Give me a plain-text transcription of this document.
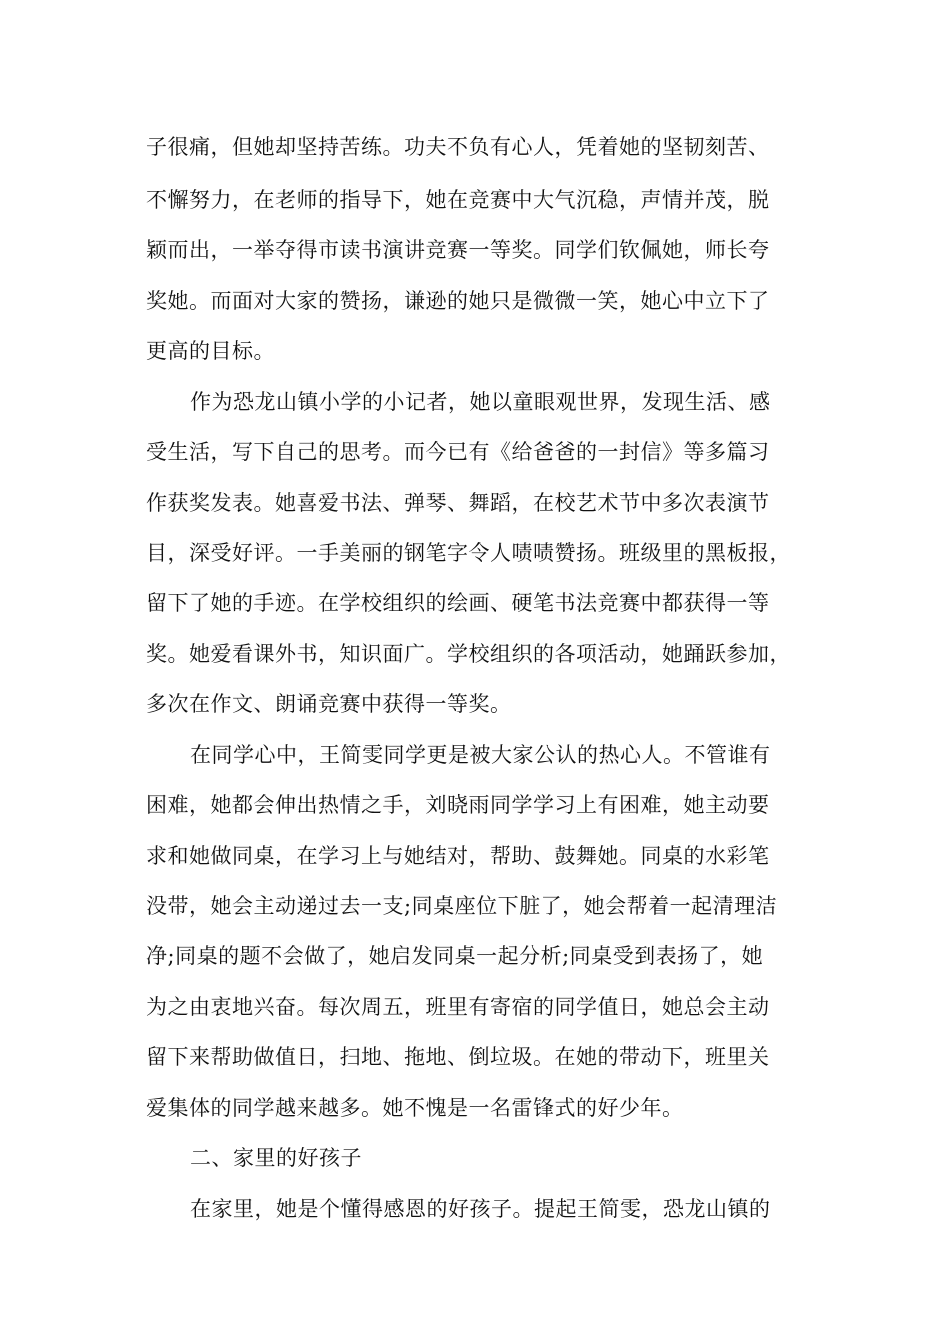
子很痛，但她却坚持苦练。功夫不负有心人，凭着她的坚韧刻苦、
不懈努力，在老师的指导下，她在竞赛中大气沉稳，声情并茂，脱
颖而出，一举夺得市读书演讲竞赛一等奖。同学们钦佩她，师长夸
奖她。而面对大家的赞扬，谦逊的她只是微微一笑，她心中立下了
更高的目标。
作为恐龙山镇小学的小记者，她以童眼观世界，发现生活、感
受生活，写下自己的思考。而今已有《给爸爸的一封信》等多篇习
作获奖发表。她喜爱书法、弹琴、舞蹈，在校艺术节中多次表演节
目，深受好评。一手美丽的钢笔字令人啧啧赞扬。班级里的黑板报，
留下了她的手迹。在学校组织的绘画、硬笔书法竞赛中都获得一等
奖。她爱看课外书，知识面广。学校组织的各项活动，她踊跃参加，
多次在作文、朗诵竞赛中获得一等奖。
在同学心中，王简雯同学更是被大家公认的热心人。不管谁有
困难，她都会伸出热情之手，刘晓雨同学学习上有困难，她主动要
求和她做同桌，在学习上与她结对，帮助、鼓舞她。同桌的水彩笔
没带，她会主动递过去一支;同桌座位下脏了，她会帮着一起清理洁
净;同桌的题不会做了，她启发同桌一起分析;同桌受到表扬了，她
为之由衷地兴奋。每次周五，班里有寄宿的同学值日，她总会主动
留下来帮助做值日，扫地、拖地、倒垃圾。在她的带动下，班里关
爱集体的同学越来越多。她不愧是一名雷锋式的好少年。
二、家里的好孩子
在家里，她是个懂得感恩的好孩子。提起王简雯，恐龙山镇的
